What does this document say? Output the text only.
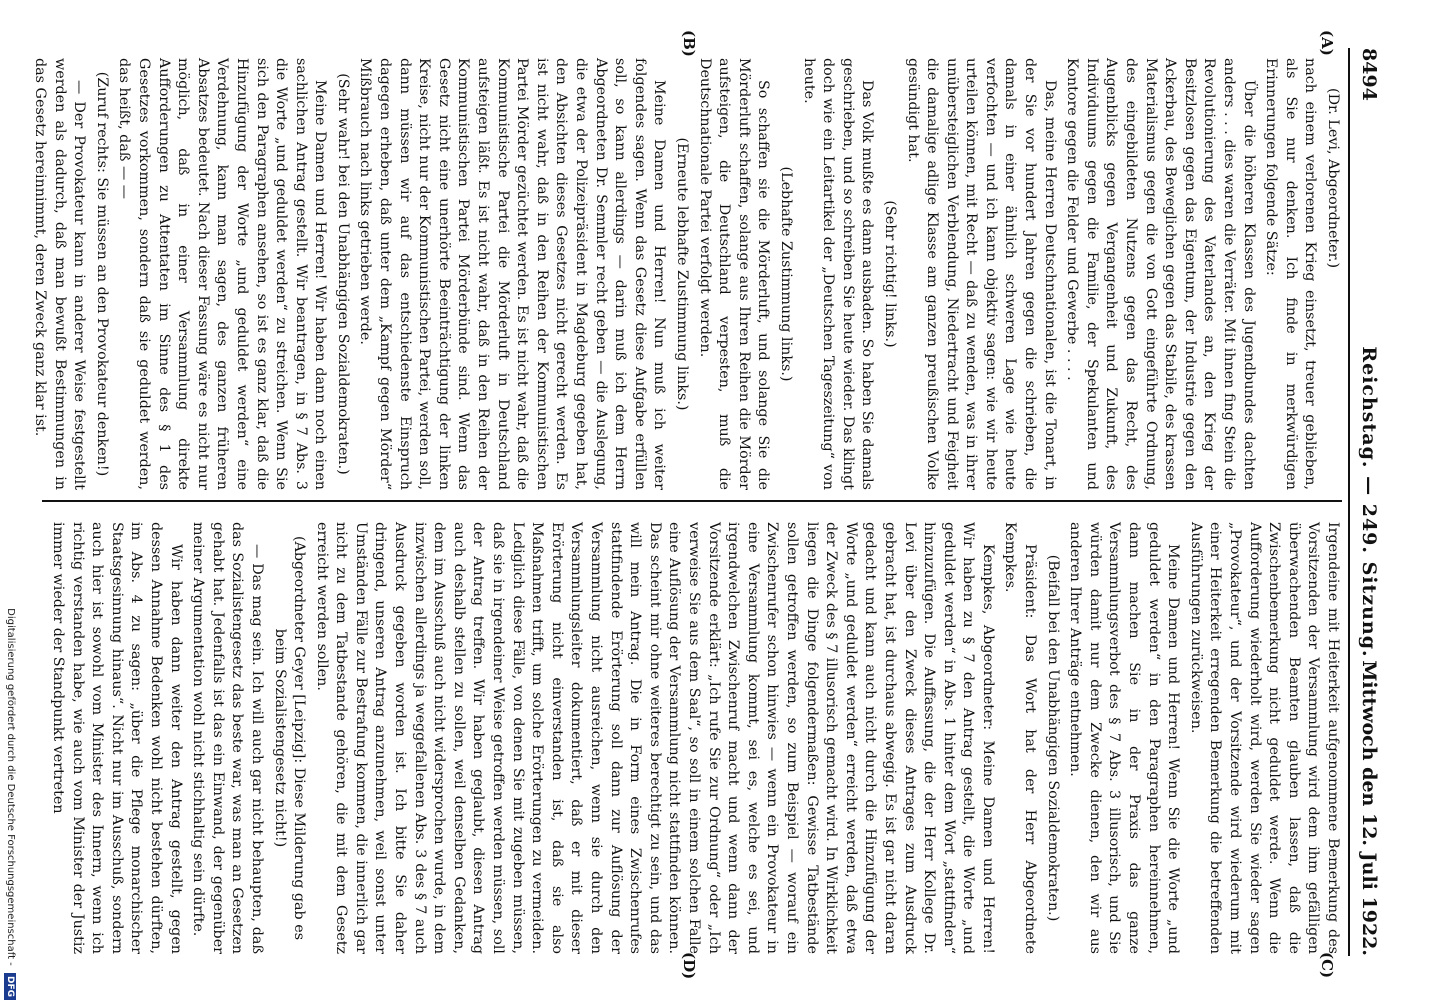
8494
Reichstag. — 249. Sitzung.
Mittwoch den 12. Juli 1922.
(A)
(B)
(C)
(D)

(Dr. Levi, Abgeordneter.)

nach einem verlorenen Krieg einsetzt, treuer geblieben, als Sie nur denken. Ich finde in merkwürdigen Erinnerungen folgende Sätze:

Über die höheren Klassen des Jugendbundes dachten anders . . . dies waren die Verräter. Mit ihnen fing Stein die Revolutionierung des Vaterlandes an, den Krieg der Besitzlosen gegen das Eigentum, der Industrie gegen den Ackerbau, des Beweglichen gegen das Stabile, des krassen Materialismus gegen die von Gott eingeführte Ordnung, des eingebildeten Nutzens gegen das Recht, des Augenblicks gegen Vergangenheit und Zukunft, des Individuums gegen die Familie, der Spekulanten und Kontore gegen die Felder und Gewerbe . . . .

Das, meine Herren Deutschnationalen, ist die Tonart, in der Sie vor hundert Jahren gegen die schrieben, die damals in einer ähnlich schweren Lage wie heute verfochten — und ich kann objektiv sagen: wie wir heute urteilen können, mit Recht — daß zu wenden, was in ihrer unübersteiglichen Verblendung, Niedertracht und Feigheit die damalige adlige Klasse am ganzen preußischen Volke gesündigt hat.

(Sehr richtig! links.)

Das Volk mußte es dann ausbaden. So haben Sie damals geschrieben, und so schreiben Sie heute wieder. Das klingt doch wie ein Leitartikel der „Deutschen Tageszeitung“ von heute.

(Lebhafte Zustimmung links.)

So schaffen sie die Mörderluft, und solange Sie die Mörderluft schaffen, solange aus Ihren Reihen die Mörder aufsteigen, die Deutschland verpesten, muß die Deutschnationale Partei verfolgt werden.

(Erneute lebhafte Zustimmung links.)

Meine Damen und Herren! Nun muß ich weiter folgendes sagen. Wenn das Gesetz diese Aufgabe erfüllen soll, so kann allerdings — darin muß ich dem Herrn Abgeordneten Dr. Semmler recht geben — die Auslegung, die etwa der Polizeipräsident in Magdeburg gegeben hat, den Absichten dieses Gesetzes nicht gerecht werden. Es ist nicht wahr, daß in den Reihen der Kommunistischen Partei Mörder gezüchtet werden. Es ist nicht wahr, daß die Kommunistische Partei die Mörderluft in Deutschland aufsteigen läßt. Es ist nicht wahr, daß in den Reihen der Kommunistischen Partei Mörderbünde sind. Wenn das Gesetz nicht eine unerhörte Beeinträchtigung der linken Kreise, nicht nur der Kommunistischen Partei, werden soll, dann müssen wir auf das entschiedenste Einspruch dagegen erheben, daß unter dem „Kampf gegen Mörder“ Mißbrauch nach links getrieben werde.

(Sehr wahr! bei den Unabhängigen Sozialdemokraten.)

Meine Damen und Herren! Wir haben dann noch einen sachlichen Antrag gestellt. Wir beantragen, in § 7 Abs. 3 die Worte „und geduldet werden“ zu streichen. Wenn Sie sich den Paragraphen ansehen, so ist es ganz klar, daß die Hinzufügung der Worte „und geduldet werden“ eine Verdehnung, kann man sagen, des ganzen früheren Absatzes bedeutet. Nach dieser Fassung wäre es nicht nur möglich, daß in einer Versammlung direkte Aufforderungen zu Attentaten im Sinne des § 1 des Gesetzes vorkommen, sondern daß sie geduldet werden, das heißt, daß — —

(Zuruf rechts: Sie müssen an den Provokateur denken!)

— Der Provokateur kann in anderer Weise festgestellt werden als dadurch, daß man bewußt Bestimmungen in das Gesetz hereinnimmt, deren Zweck ganz klar ist.

Irgendeine mit Heiterkeit aufgenommene Bemerkung des Vorsitzenden der Versammlung wird dem ihm gefälligen überwachenden Beamten glauben lassen, daß die Zwischenbemerkung nicht geduldet werde. Wenn die Aufforderung wiederholt wird, werden Sie wieder sagen „Provokateur“, und der Vorsitzende wird wiederum mit einer Heiterkeit erregenden Bemerkung die betreffenden Ausführungen zurückweisen.

Meine Damen und Herren! Wenn Sie die Worte „und geduldet werden“ in den Paragraphen hereinnehmen, dann machen Sie in der Praxis das ganze Versammlungsverbot des § 7 Abs. 3 illusorisch, und Sie würden damit nur dem Zwecke dienen, den wir aus anderen Ihrer Anträge entnehmen.

(Beifall bei den Unabhängigen Sozialdemokraten.)

Präsident: Das Wort hat der Herr Abgeordnete Kempkes.

Kempkes, Abgeordneter: Meine Damen und Herren! Wir haben zu § 7 den Antrag gestellt, die Worte „und geduldet werden“ in Abs. 1 hinter dem Wort „stattfinden“ hinzuzufügen. Die Auffassung, die der Herr Kollege Dr. Levi über den Zweck dieses Antrages zum Ausdruck gebracht hat, ist durchaus abwegig. Es ist gar nicht daran gedacht und kann auch nicht durch die Hinzufügung der Worte „und geduldet werden“ erreicht werden, daß etwa der Zweck des § 7 illusorisch gemacht wird. In Wirklichkeit liegen die Dinge folgendermaßen: Gewisse Tatbestände sollen getroffen werden, so zum Beispiel — worauf ein Zwischenrufer schon hinwies — wenn ein Provokateur in eine Versammlung kommt, sei es, welche es sei, und irgendwelchen Zwischenruf macht und wenn dann der Vorsitzende erklärt: „Ich rufe Sie zur Ordnung“ oder „Ich verweise Sie aus dem Saal“, so soll in einem solchen Falle eine Auflösung der Versammlung nicht stattfinden können. Das scheint mir ohne weiteres berechtigt zu sein, und das will mein Antrag. Die in Form eines Zwischenrufes stattfindende Erörterung soll dann zur Auflösung der Versammlung nicht ausreichen, wenn sie durch den Versammlungsleiter dokumentiert, daß er mit dieser Erörterung nicht einverstanden ist, daß sie also Maßnahmen trifft, um solche Erörterungen zu vermeiden. Lediglich diese Fälle, von denen Sie mit zugeben müssen, daß sie in irgendeiner Weise getroffen werden müssen, soll der Antrag treffen. Wir haben geglaubt, diesen Antrag auch deshalb stellen zu sollen, weil denselben Gedanken, dem im Ausschuß auch nicht widersprochen wurde, in dem inzwischen allerdings ja weggefallenen Abs. 3 des § 7 auch Ausdruck gegeben worden ist. Ich bitte Sie daher dringend, unseren Antrag anzunehmen, weil sonst unter Umständen Fälle zur Bestrafung kommen, die innerlich gar nicht zu dem Tatbestande gehören, die mit dem Gesetz erreicht werden sollen.

(Abgeordneter Geyer [Leipzig]: Diese Milderung gab es beim Sozialistengesetz nicht!)

— Das mag sein. Ich will auch gar nicht behaupten, daß das Sozialistengesetz das beste war, was man an Gesetzen gehabt hat. Jedenfalls ist das ein Einwand, der gegenüber meiner Argumentation wohl nicht stichhaltig sein dürfte.

Wir haben dann weiter den Antrag gestellt, gegen dessen Annahme Bedenken wohl nicht bestehen dürften, im Abs. 4 zu sagen: „über die Pflege monarchischer Staatsgesinnung hinaus“. Nicht nur im Ausschuß, sondern auch hier ist sowohl vom Minister des Innern, wenn ich richtig verstanden habe, wie auch vom Minister der Justiz immer wieder der Standpunkt vertreten

Digitalisierung gefördert durch die Deutsche Forschungsgemeinschaft - DFG
